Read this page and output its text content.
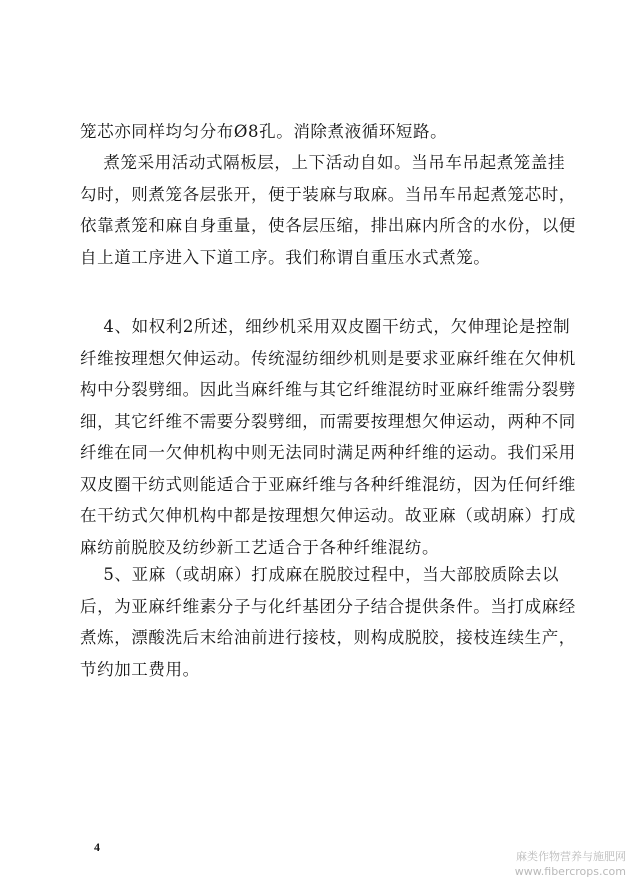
笼芯亦同样均匀分布Ø8孔。消除煮液循环短路。

煮笼采用活动式隔板层，上下活动自如。当吊车吊起煮笼盖挂勾时，则煮笼各层张开，便于装麻与取麻。当吊车吊起煮笼芯时，依靠煮笼和麻自身重量，使各层压缩，排出麻内所含的水份，以便自上道工序进入下道工序。我们称谓自重压水式煮笼。

4、如权利2所述，细纱机采用双皮圈干纺式，欠伸理论是控制纤维按理想欠伸运动。传统湿纺细纱机则是要求亚麻纤维在欠伸机构中分裂劈细。因此当麻纤维与其它纤维混纺时亚麻纤维需分裂劈细，其它纤维不需要分裂劈细，而需要按理想欠伸运动，两种不同纤维在同一欠伸机构中则无法同时满足两种纤维的运动。我们采用双皮圈干纺式则能适合于亚麻纤维与各种纤维混纺，因为任何纤维在干纺式欠伸机构中都是按理想欠伸运动。故亚麻（或胡麻）打成麻纺前脱胶及纺纱新工艺适合于各种纤维混纺。

5、亚麻（或胡麻）打成麻在脱胶过程中，当大部胶质除去以后，为亚麻纤维素分子与化纤基团分子结合提供条件。当打成麻经煮炼，漂酸洗后末给油前进行接枝，则构成脱胶，接枝连续生产，节约加工费用。

4
麻类作物营养与施肥网
www.fibercrops.com
